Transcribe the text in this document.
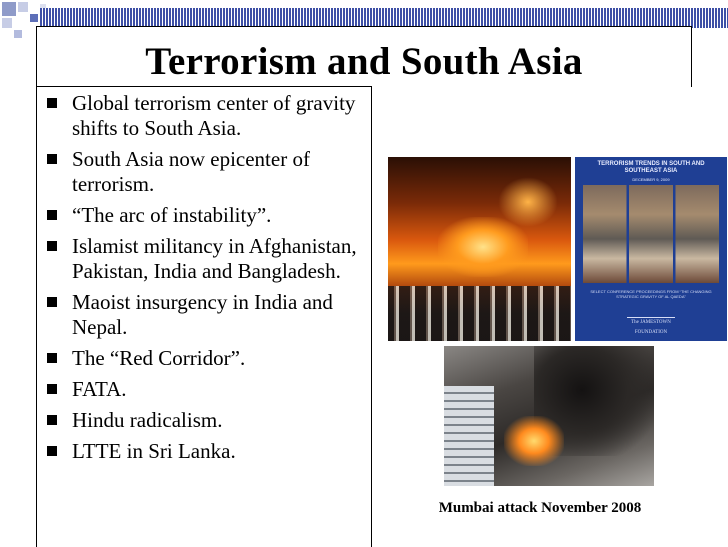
Terrorism and South Asia
Global terrorism center of gravity shifts to South Asia.
South Asia now epicenter of terrorism.
“The arc of instability”.
Islamist militancy in Afghanistan, Pakistan, India and Bangladesh.
Maoist insurgency in India and Nepal.
The “Red Corridor”.
FATA.
Hindu radicalism.
LTTE in Sri Lanka.
TERRORISM TRENDS IN SOUTH AND SOUTHEAST ASIA
DECEMBER 9, 2009
SELECT CONFERENCE PROCEEDINGS FROM “THE CHANGING STRATEGIC GRAVITY OF AL QAEDA”
The JAMESTOWN FOUNDATION
Mumbai attack November 2008
